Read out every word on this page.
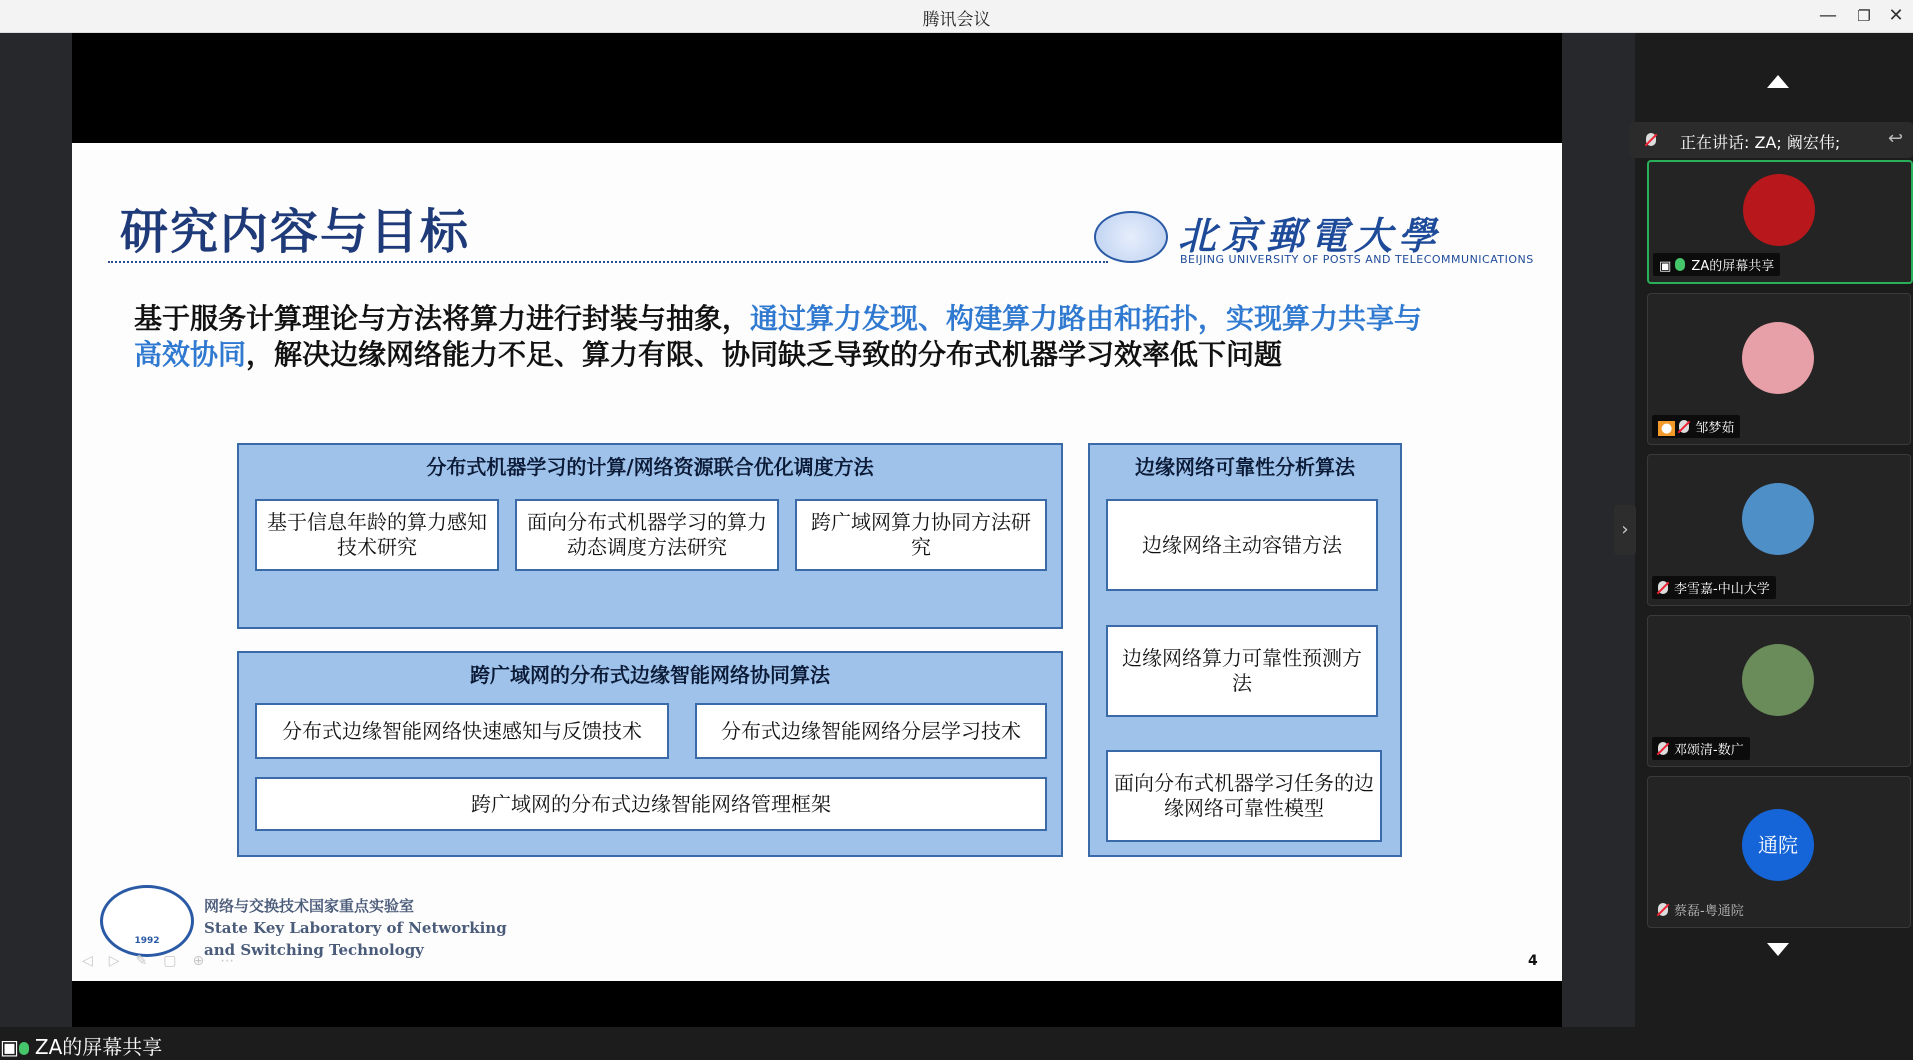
腾讯会议	—	❐ ✕
研究内容与目标	北京郵電大學
BEIJING UNIVERSITY OF POSTS AND TELECOMMUNICATIONS
基于服务计算理论与方法将算力进行封装与抽象，通过算力发现、构建算力路由和拓扑，实现算力共享与
高效协同，解决边缘网络能力不足、算力有限、协同缺乏导致的分布式机器学习效率低下问题
分布式机器学习的计算/网络资源联合优化调度方法
基于信息年龄的算力感知技术研究
面向分布式机器学习的算力动态调度方法研究
跨广域网算力协同方法研究
跨广域网的分布式边缘智能网络协同算法
分布式边缘智能网络快速感知与反馈技术	分布式边缘智能网络分层学习技术
跨广域网的分布式边缘智能网络管理框架
边缘网络可靠性分析算法
边缘网络主动容错方法
边缘网络算力可靠性预测方法
面向分布式机器学习任务的边缘网络可靠性模型
1992
网络与交换技术国家重点实验室
State Key Laboratory of Networking
and Switching Technology
◁▷✎▢⊕⋯	4
▣ ZA的屏幕共享
›
正在讲话: ZA; 阚宏伟;	↩
▣ ZA的屏幕共享
● 邹梦茹
李雪嘉-中山大学
邓颂清-数广
通院
蔡磊-粤通院
